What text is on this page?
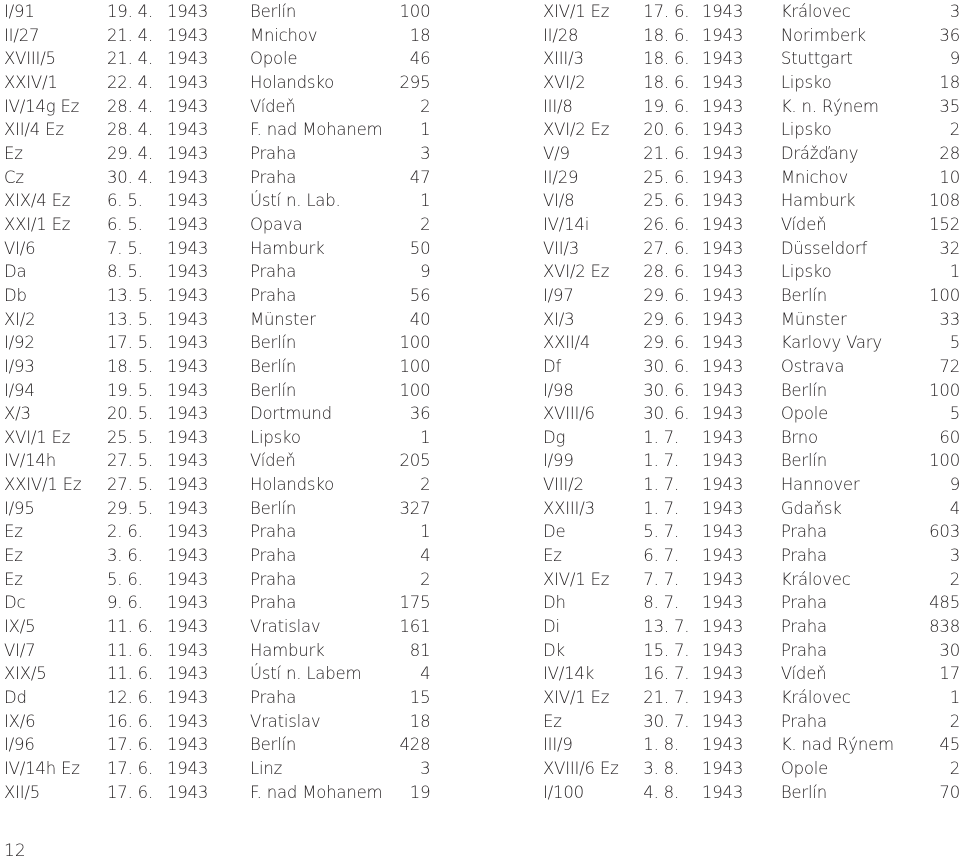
I/91	19. 4.	1943	Berlín	100
II/27	21. 4.	1943	Mnichov	18
XVIII/5	21. 4.	1943	Opole	46
XXIV/1	22. 4.	1943	Holandsko	295
IV/14g Ez	28. 4.	1943	Vídeň	2
XII/4 Ez	28. 4.	1943	F. nad Mohanem	1
Ez	29. 4.	1943	Praha	3
Cz	30. 4.	1943	Praha	47
XIX/4 Ez	6. 5.	1943	Ústí n. Lab.	1
XXI/1 Ez	6. 5.	1943	Opava	2
VI/6	7. 5.	1943	Hamburk	50
Da	8. 5.	1943	Praha	9
Db	13. 5.	1943	Praha	56
XI/2	13. 5.	1943	Münster	40
I/92	17. 5.	1943	Berlín	100
I/93	18. 5.	1943	Berlín	100
I/94	19. 5.	1943	Berlín	100
X/3	20. 5.	1943	Dortmund	36
XVI/1 Ez	25. 5.	1943	Lipsko	1
IV/14h	27. 5.	1943	Vídeň	205
XXIV/1 Ez	27. 5.	1943	Holandsko	2
I/95	29. 5.	1943	Berlín	327
Ez	2. 6.	1943	Praha	1
Ez	3. 6.	1943	Praha	4
Ez	5. 6.	1943	Praha	2
Dc	9. 6.	1943	Praha	175
IX/5	11. 6.	1943	Vratislav	161
VI/7	11. 6.	1943	Hamburk	81
XIX/5	11. 6.	1943	Ústí n. Labem	4
Dd	12. 6.	1943	Praha	15
IX/6	16. 6.	1943	Vratislav	18
I/96	17. 6.	1943	Berlín	428
IV/14h Ez	17. 6.	1943	Linz	3
XII/5	17. 6.	1943	F. nad Mohanem	19
XIV/1 Ez	17. 6.	1943	Královec	3
II/28	18. 6.	1943	Norimberk	36
XIII/3	18. 6.	1943	Stuttgart	9
XVI/2	18. 6.	1943	Lipsko	18
III/8	19. 6.	1943	K. n. Rýnem	35
XVI/2 Ez	20. 6.	1943	Lipsko	2
V/9	21. 6.	1943	Drážďany	28
II/29	25. 6.	1943	Mnichov	10
VI/8	25. 6.	1943	Hamburk	108
IV/14i	26. 6.	1943	Vídeň	152
VII/3	27. 6.	1943	Düsseldorf	32
XVI/2 Ez	28. 6.	1943	Lipsko	1
I/97	29. 6.	1943	Berlín	100
XI/3	29. 6.	1943	Münster	33
XXII/4	29. 6.	1943	Karlovy Vary	5
Df	30. 6.	1943	Ostrava	72
I/98	30. 6.	1943	Berlín	100
XVIII/6	30. 6.	1943	Opole	5
Dg	1. 7.	1943	Brno	60
I/99	1. 7.	1943	Berlín	100
VIII/2	1. 7.	1943	Hannover	9
XXIII/3	1. 7.	1943	Gdaňsk	4
De	5. 7.	1943	Praha	603
Ez	6. 7.	1943	Praha	3
XIV/1 Ez	7. 7.	1943	Královec	2
Dh	8. 7.	1943	Praha	485
Di	13. 7.	1943	Praha	838
Dk	15. 7.	1943	Praha	30
IV/14k	16. 7.	1943	Vídeň	17
XIV/1 Ez	21. 7.	1943	Královec	1
Ez	30. 7.	1943	Praha	2
III/9	1. 8.	1943	K. nad Rýnem	45
XVIII/6 Ez	3. 8.	1943	Opole	2
I/100	4. 8.	1943	Berlín	70
12
